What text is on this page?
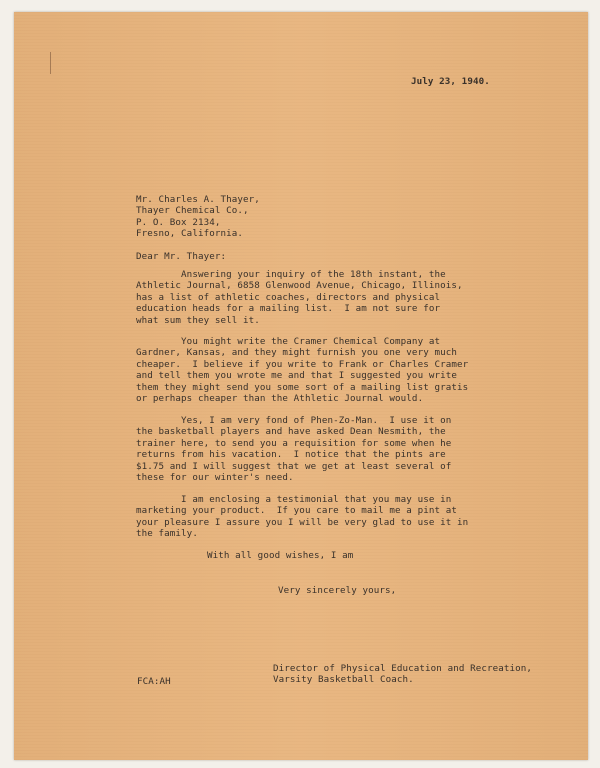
July 23, 1940.
Mr. Charles A. Thayer,
Thayer Chemical Co.,
P. O. Box 2134,
Fresno, California.
Dear Mr. Thayer:
Answering your inquiry of the 18th instant, the
Athletic Journal, 6858 Glenwood Avenue, Chicago, Illinois,
has a list of athletic coaches, directors and physical
education heads for a mailing list.  I am not sure for
what sum they sell it.
You might write the Cramer Chemical Company at
Gardner, Kansas, and they might furnish you one very much
cheaper.  I believe if you write to Frank or Charles Cramer
and tell them you wrote me and that I suggested you write
them they might send you some sort of a mailing list gratis
or perhaps cheaper than the Athletic Journal would.
Yes, I am very fond of Phen-Zo-Man.  I use it on
the basketball players and have asked Dean Nesmith, the
trainer here, to send you a requisition for some when he
returns from his vacation.  I notice that the pints are
$1.75 and I will suggest that we get at least several of
these for our winter's need.
I am enclosing a testimonial that you may use in
marketing your product.  If you care to mail me a pint at
your pleasure I assure you I will be very glad to use it in
the family.
With all good wishes, I am
Very sincerely yours,
Director of Physical Education and Recreation,
Varsity Basketball Coach.
FCA:AH
